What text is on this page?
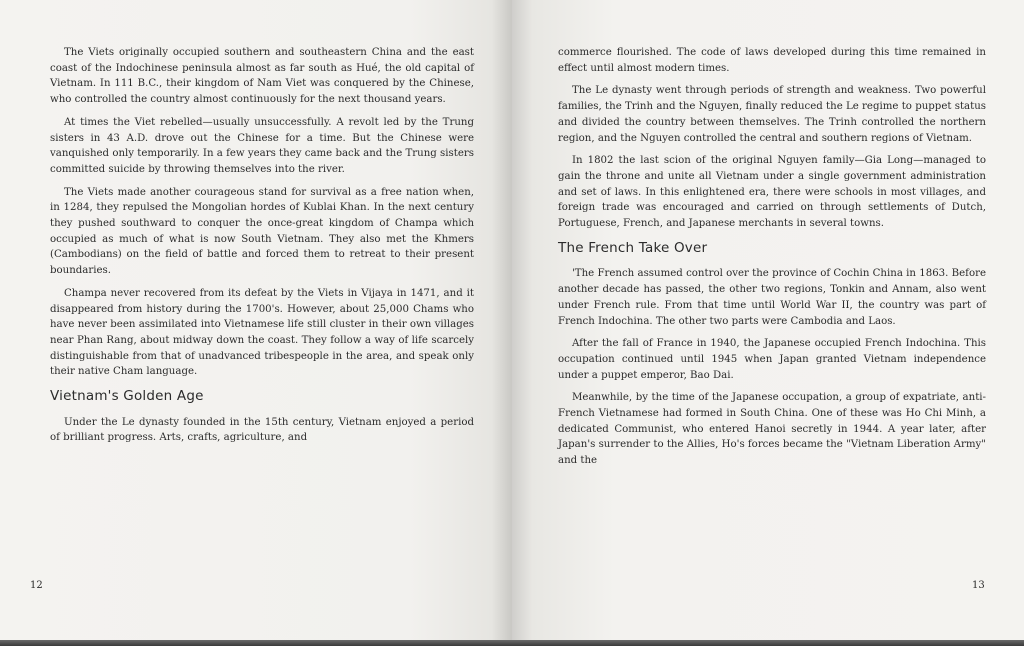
The Viets originally occupied southern and southeastern China and the east coast of the Indochinese peninsula almost as far south as Hué, the old capital of Vietnam. In 111 B.C., their kingdom of Nam Viet was conquered by the Chinese, who controlled the country almost continuously for the next thousand years.

At times the Viet rebelled—usually unsuccessfully. A revolt led by the Trung sisters in 43 A.D. drove out the Chinese for a time. But the Chinese were vanquished only temporarily. In a few years they came back and the Trung sisters committed suicide by throwing themselves into the river.

The Viets made another courageous stand for survival as a free nation when, in 1284, they repulsed the Mongolian hordes of Kublai Khan. In the next century they pushed southward to conquer the once-great kingdom of Champa which occupied as much of what is now South Vietnam. They also met the Khmers (Cambodians) on the field of battle and forced them to retreat to their present boundaries.

Champa never recovered from its defeat by the Viets in Vijaya in 1471, and it disappeared from history during the 1700's. However, about 25,000 Chams who have never been assimilated into Vietnamese life still cluster in their own villages near Phan Rang, about midway down the coast. They follow a way of life scarcely distinguishable from that of unadvanced tribespeople in the area, and speak only their native Cham language.

Vietnam's Golden Age

Under the Le dynasty founded in the 15th century, Vietnam enjoyed a period of brilliant progress. Arts, crafts, agriculture, and

12

commerce flourished. The code of laws developed during this time remained in effect until almost modern times.

The Le dynasty went through periods of strength and weakness. Two powerful families, the Trinh and the Nguyen, finally reduced the Le regime to puppet status and divided the country between themselves. The Trinh controlled the northern region, and the Nguyen controlled the central and southern regions of Vietnam.

In 1802 the last scion of the original Nguyen family—Gia Long—managed to gain the throne and unite all Vietnam under a single government administration and set of laws. In this enlightened era, there were schools in most villages, and foreign trade was encouraged and carried on through settlements of Dutch, Portuguese, French, and Japanese merchants in several towns.

The French Take Over

'The French assumed control over the province of Cochin China in 1863. Before another decade has passed, the other two regions, Tonkin and Annam, also went under French rule. From that time until World War II, the country was part of French Indochina. The other two parts were Cambodia and Laos.

After the fall of France in 1940, the Japanese occupied French Indochina. This occupation continued until 1945 when Japan granted Vietnam independence under a puppet emperor, Bao Dai.

Meanwhile, by the time of the Japanese occupation, a group of expatriate, anti-French Vietnamese had formed in South China. One of these was Ho Chi Minh, a dedicated Communist, who entered Hanoi secretly in 1944. A year later, after Japan's surrender to the Allies, Ho's forces became the "Vietnam Liberation Army" and the

13
